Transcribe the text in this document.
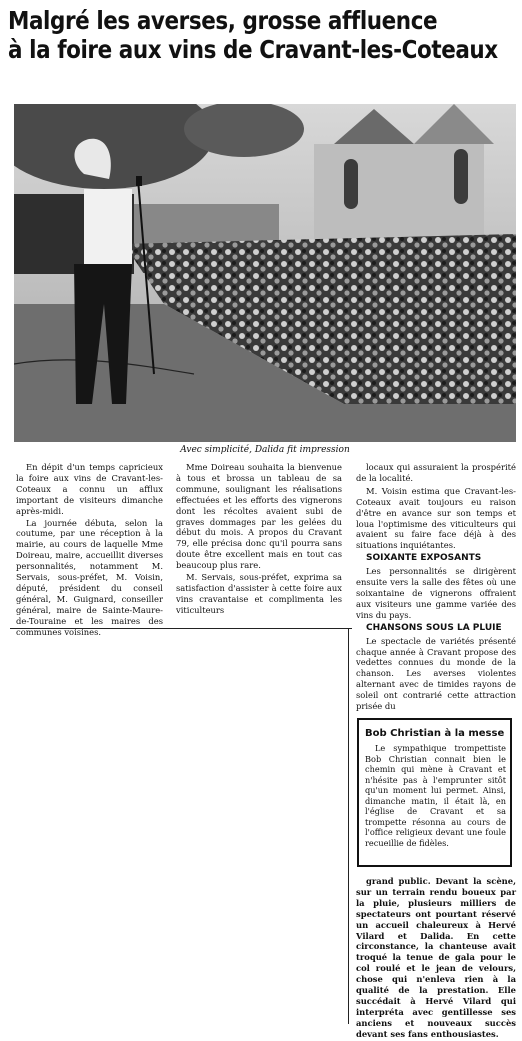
Malgré les averses, grosse affluence
à la foire aux vins de Cravant-les-Coteaux
Avec simplicité, Dalida fit impression

En dépit d'un temps capricieux la foire aux vins de Cravant-les-Coteaux a connu un afflux important de visiteurs dimanche après-midi.

La journée débuta, selon la coutume, par une réception à la mairie, au cours de laquelle Mme Doireau, maire, accueillit diverses personnalités, notamment M. Servais, sous-préfet, M. Voisin, député, président du conseil général, M. Guignard, conseiller général, maire de Sainte-Maure-de-Touraine et les maires des communes voisines.

Mme Doireau souhaita la bienvenue à tous et brossa un tableau de sa commune, soulignant les réalisations effectuées et les efforts des vignerons dont les récoltes avaient subi de graves dommages par les gelées du début du mois. A propos du Cravant 79, elle précisa donc qu'il pourra sans doute être excellent mais en tout cas beaucoup plus rare.

M. Servais, sous-préfet, exprima sa satisfaction d'assister à cette foire aux vins cravantaise et complimenta les viticulteurs

locaux qui assuraient la prospérité de la localité.

M. Voisin estima que Cravant-les-Coteaux avait toujours eu raison d'être en avance sur son temps et loua l'optimisme des viticulteurs qui avaient su faire face déjà à des situations inquiétantes.

SOIXANTE EXPOSANTS

Les personnalités se dirigèrent ensuite vers la salle des fêtes où une soixantaine de vignerons offraient aux visiteurs une gamme variée des vins du pays.

CHANSONS SOUS LA PLUIE

Le spectacle de variétés présenté chaque année à Cravant propose des vedettes connues du monde de la chanson. Les averses violentes alternant avec de timides rayons de soleil ont contrarié cette attraction prisée du

Bob Christian à la messe

Le sympathique trompettiste Bob Christian connait bien le chemin qui mène à Cravant et n'hésite pas à l'emprunter sitôt qu'un moment lui permet. Ainsi, dimanche matin, il était là, en l'église de Cravant et sa trompette résonna au cours de l'office religieux devant une foule recueillie de fidèles.

grand public. Devant la scène, sur un terrain rendu boueux par la pluie, plusieurs milliers de spectateurs ont pourtant réservé un accueil chaleureux à Hervé Vilard et Dalida. En cette circonstance, la chanteuse avait troqué la tenue de gala pour le col roulé et le jean de velours, chose qui n'enleva rien à la qualité de la prestation. Elle succédait à Hervé Vilard qui interpréta avec gentillesse ses anciens et nouveaux succès devant ses fans enthousiastes.
